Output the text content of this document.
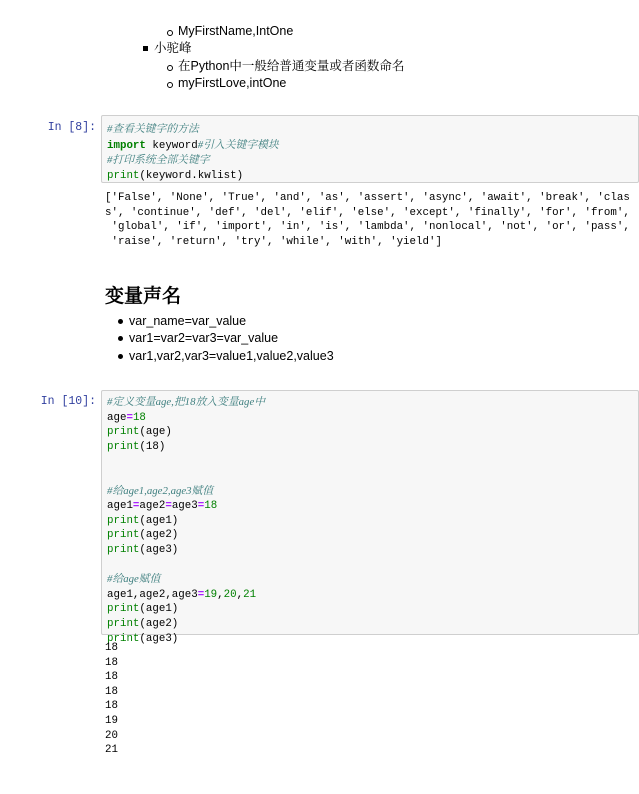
MyFirstName,IntOne
小驼峰
在Python中一般给普通变量或者函数命名
myFirstLove,intOne
In [8]: #查看关键字的方法
import keyword#引入关键字模块
#打印系统全部关键字
print(keyword.kwlist)
['False', 'None', 'True', 'and', 'as', 'assert', 'async', 'await', 'break', 'clas
s', 'continue', 'def', 'del', 'elif', 'else', 'except', 'finally', 'for', 'from',
'global', 'if', 'import', 'in', 'is', 'lambda', 'nonlocal', 'not', 'or', 'pass',
'raise', 'return', 'try', 'while', 'with', 'yield']
变量声名
var_name=var_value
var1=var2=var3=var_value
var1,var2,var3=value1,value2,value3
In [10]: #定义变量age,把18放入变量age中
age=18
print(age)
print(18)
#给age1,age2,age3赋值
age1=age2=age3=18
print(age1)
print(age2)
print(age3)
#给age赋值
age1,age2,age3=19,20,21
print(age1)
print(age2)
print(age3)
18
18
18
18
18
19
20
21
